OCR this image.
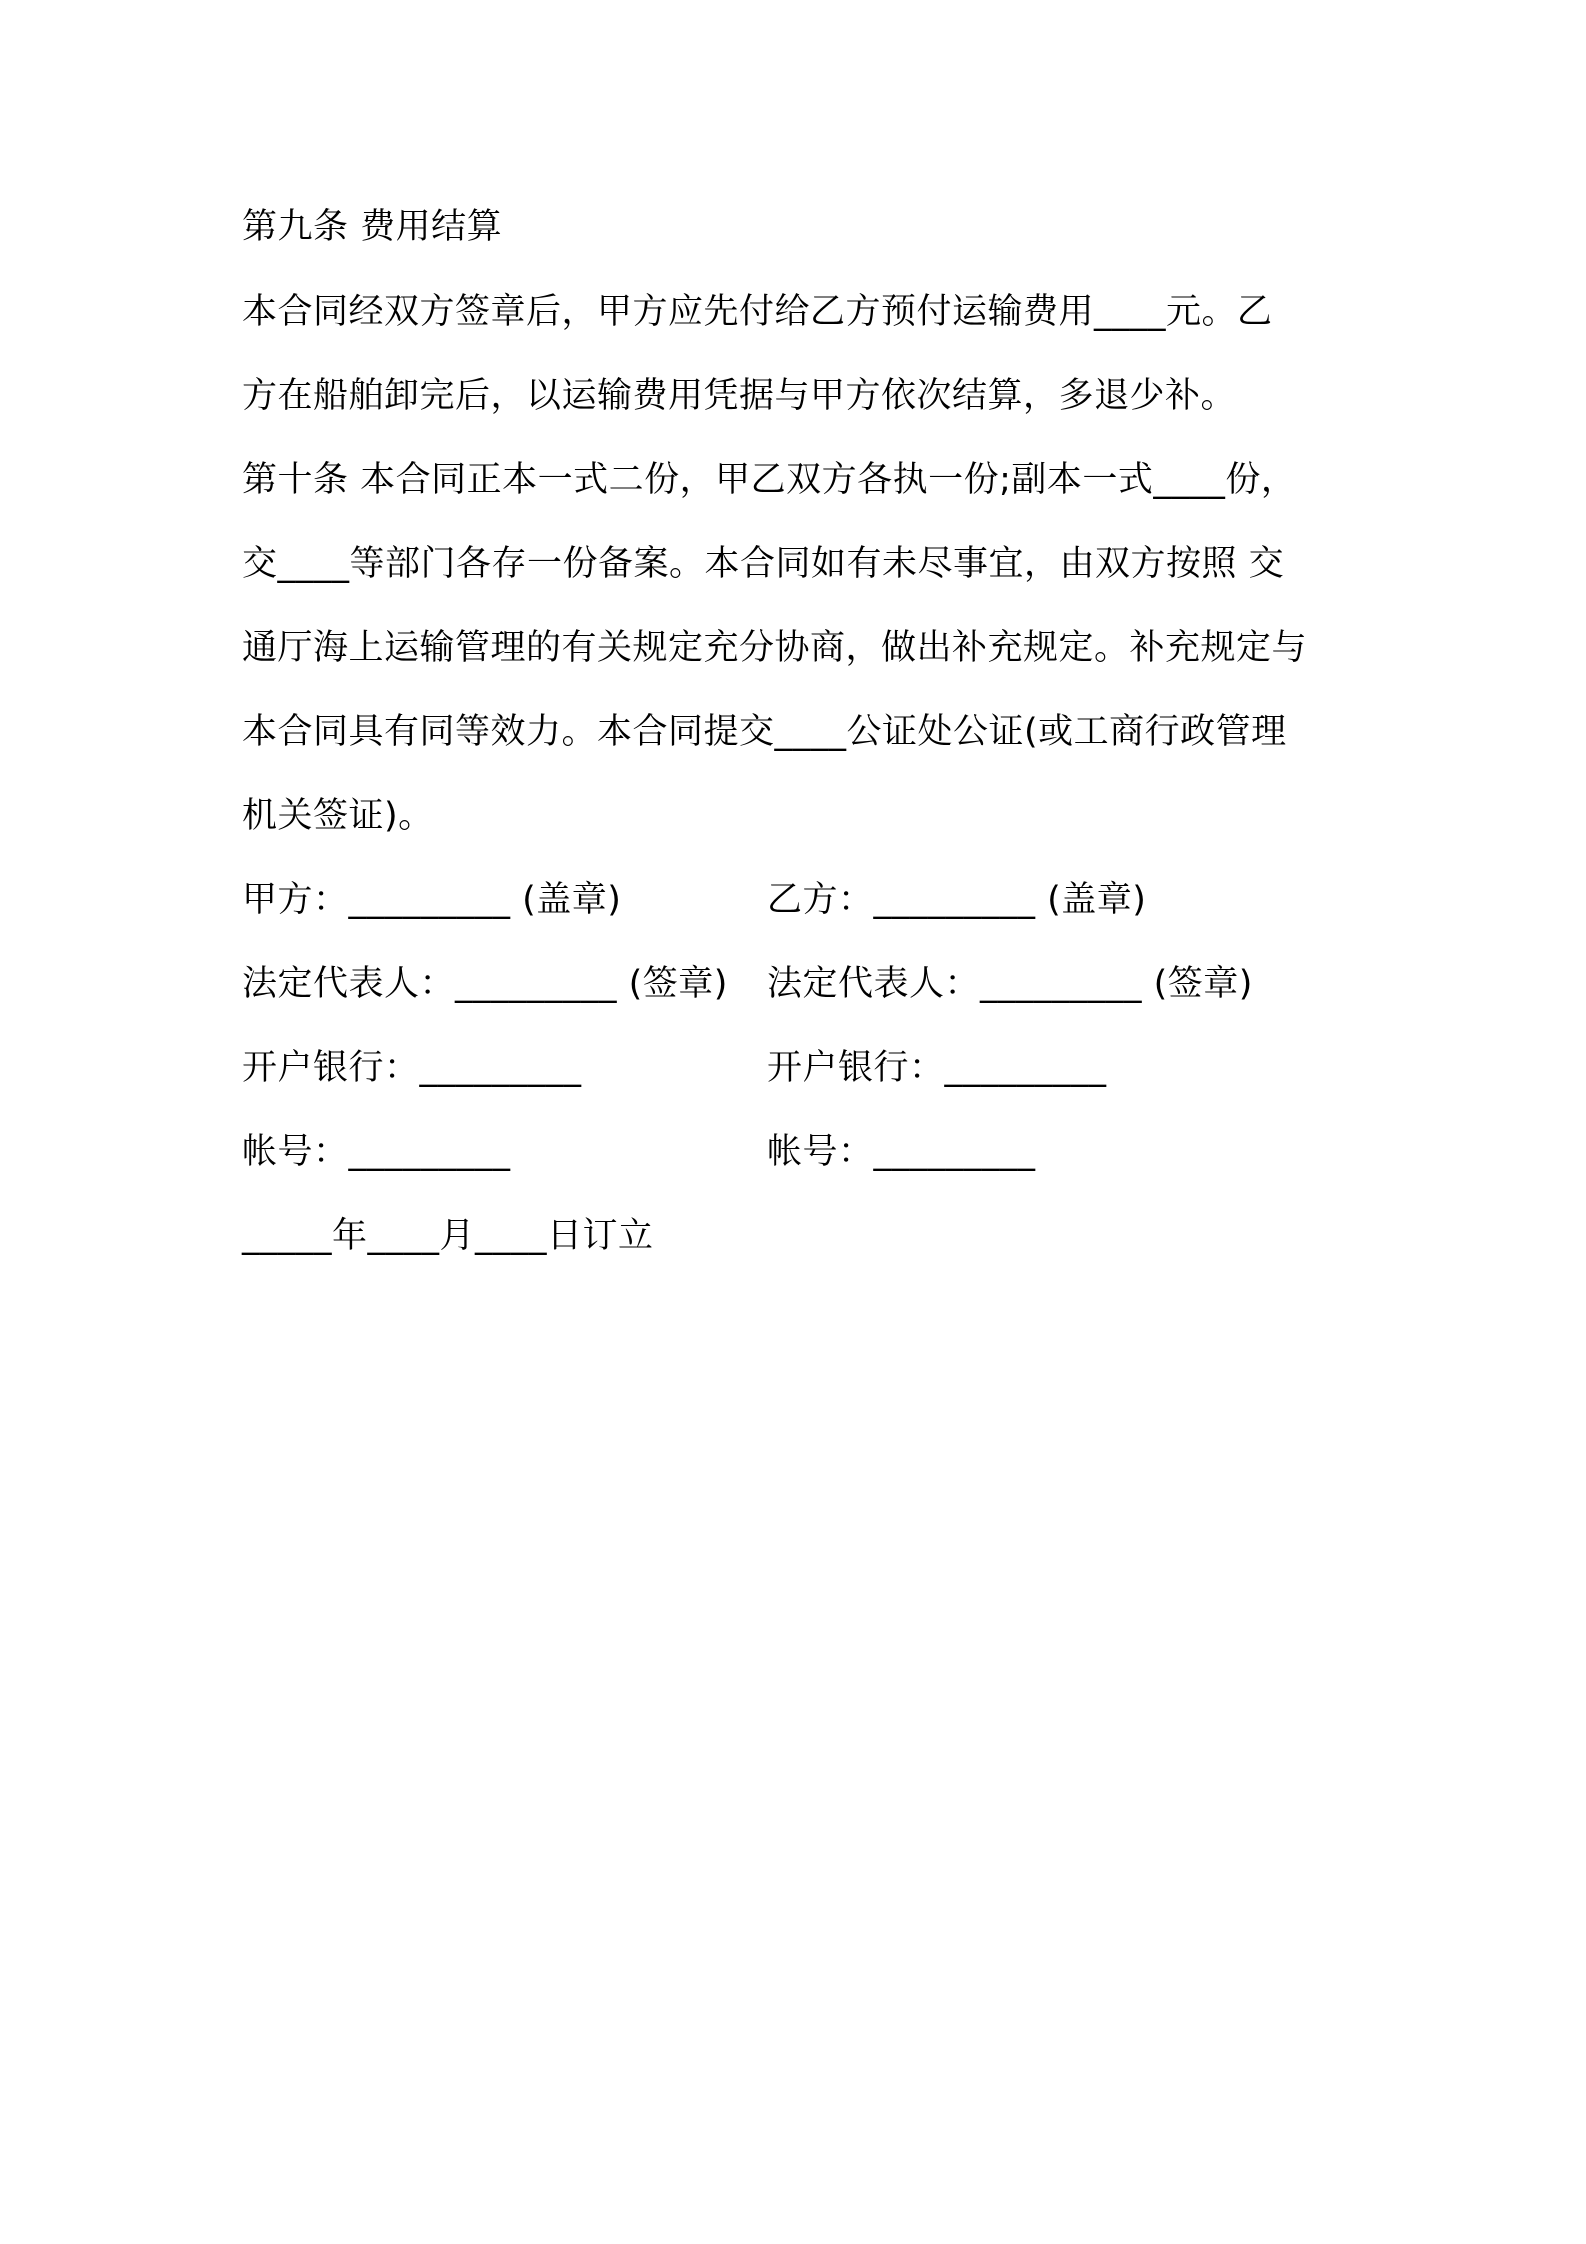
第九条 费用结算
本合同经双方签章后，甲方应先付给乙方预付运输费用____元。乙
方在船舶卸完后，以运输费用凭据与甲方依次结算，多退少补。
第十条 本合同正本一式二份，甲乙双方各执一份;副本一式____份，
交____等部门各存一份备案。本合同如有未尽事宜，由双方按照 交
通厅海上运输管理的有关规定充分协商，做出补充规定。补充规定与
本合同具有同等效力。本合同提交____公证处公证(或工商行政管理
机关签证)。
甲方：_________ (盖章)	乙方：_________ (盖章)
法定代表人：_________ (签章) 法定代表人：_________ (签章)
开户银行：_________	开户银行：_________
帐号：_________	帐号：_________
_____年____月____日订立
